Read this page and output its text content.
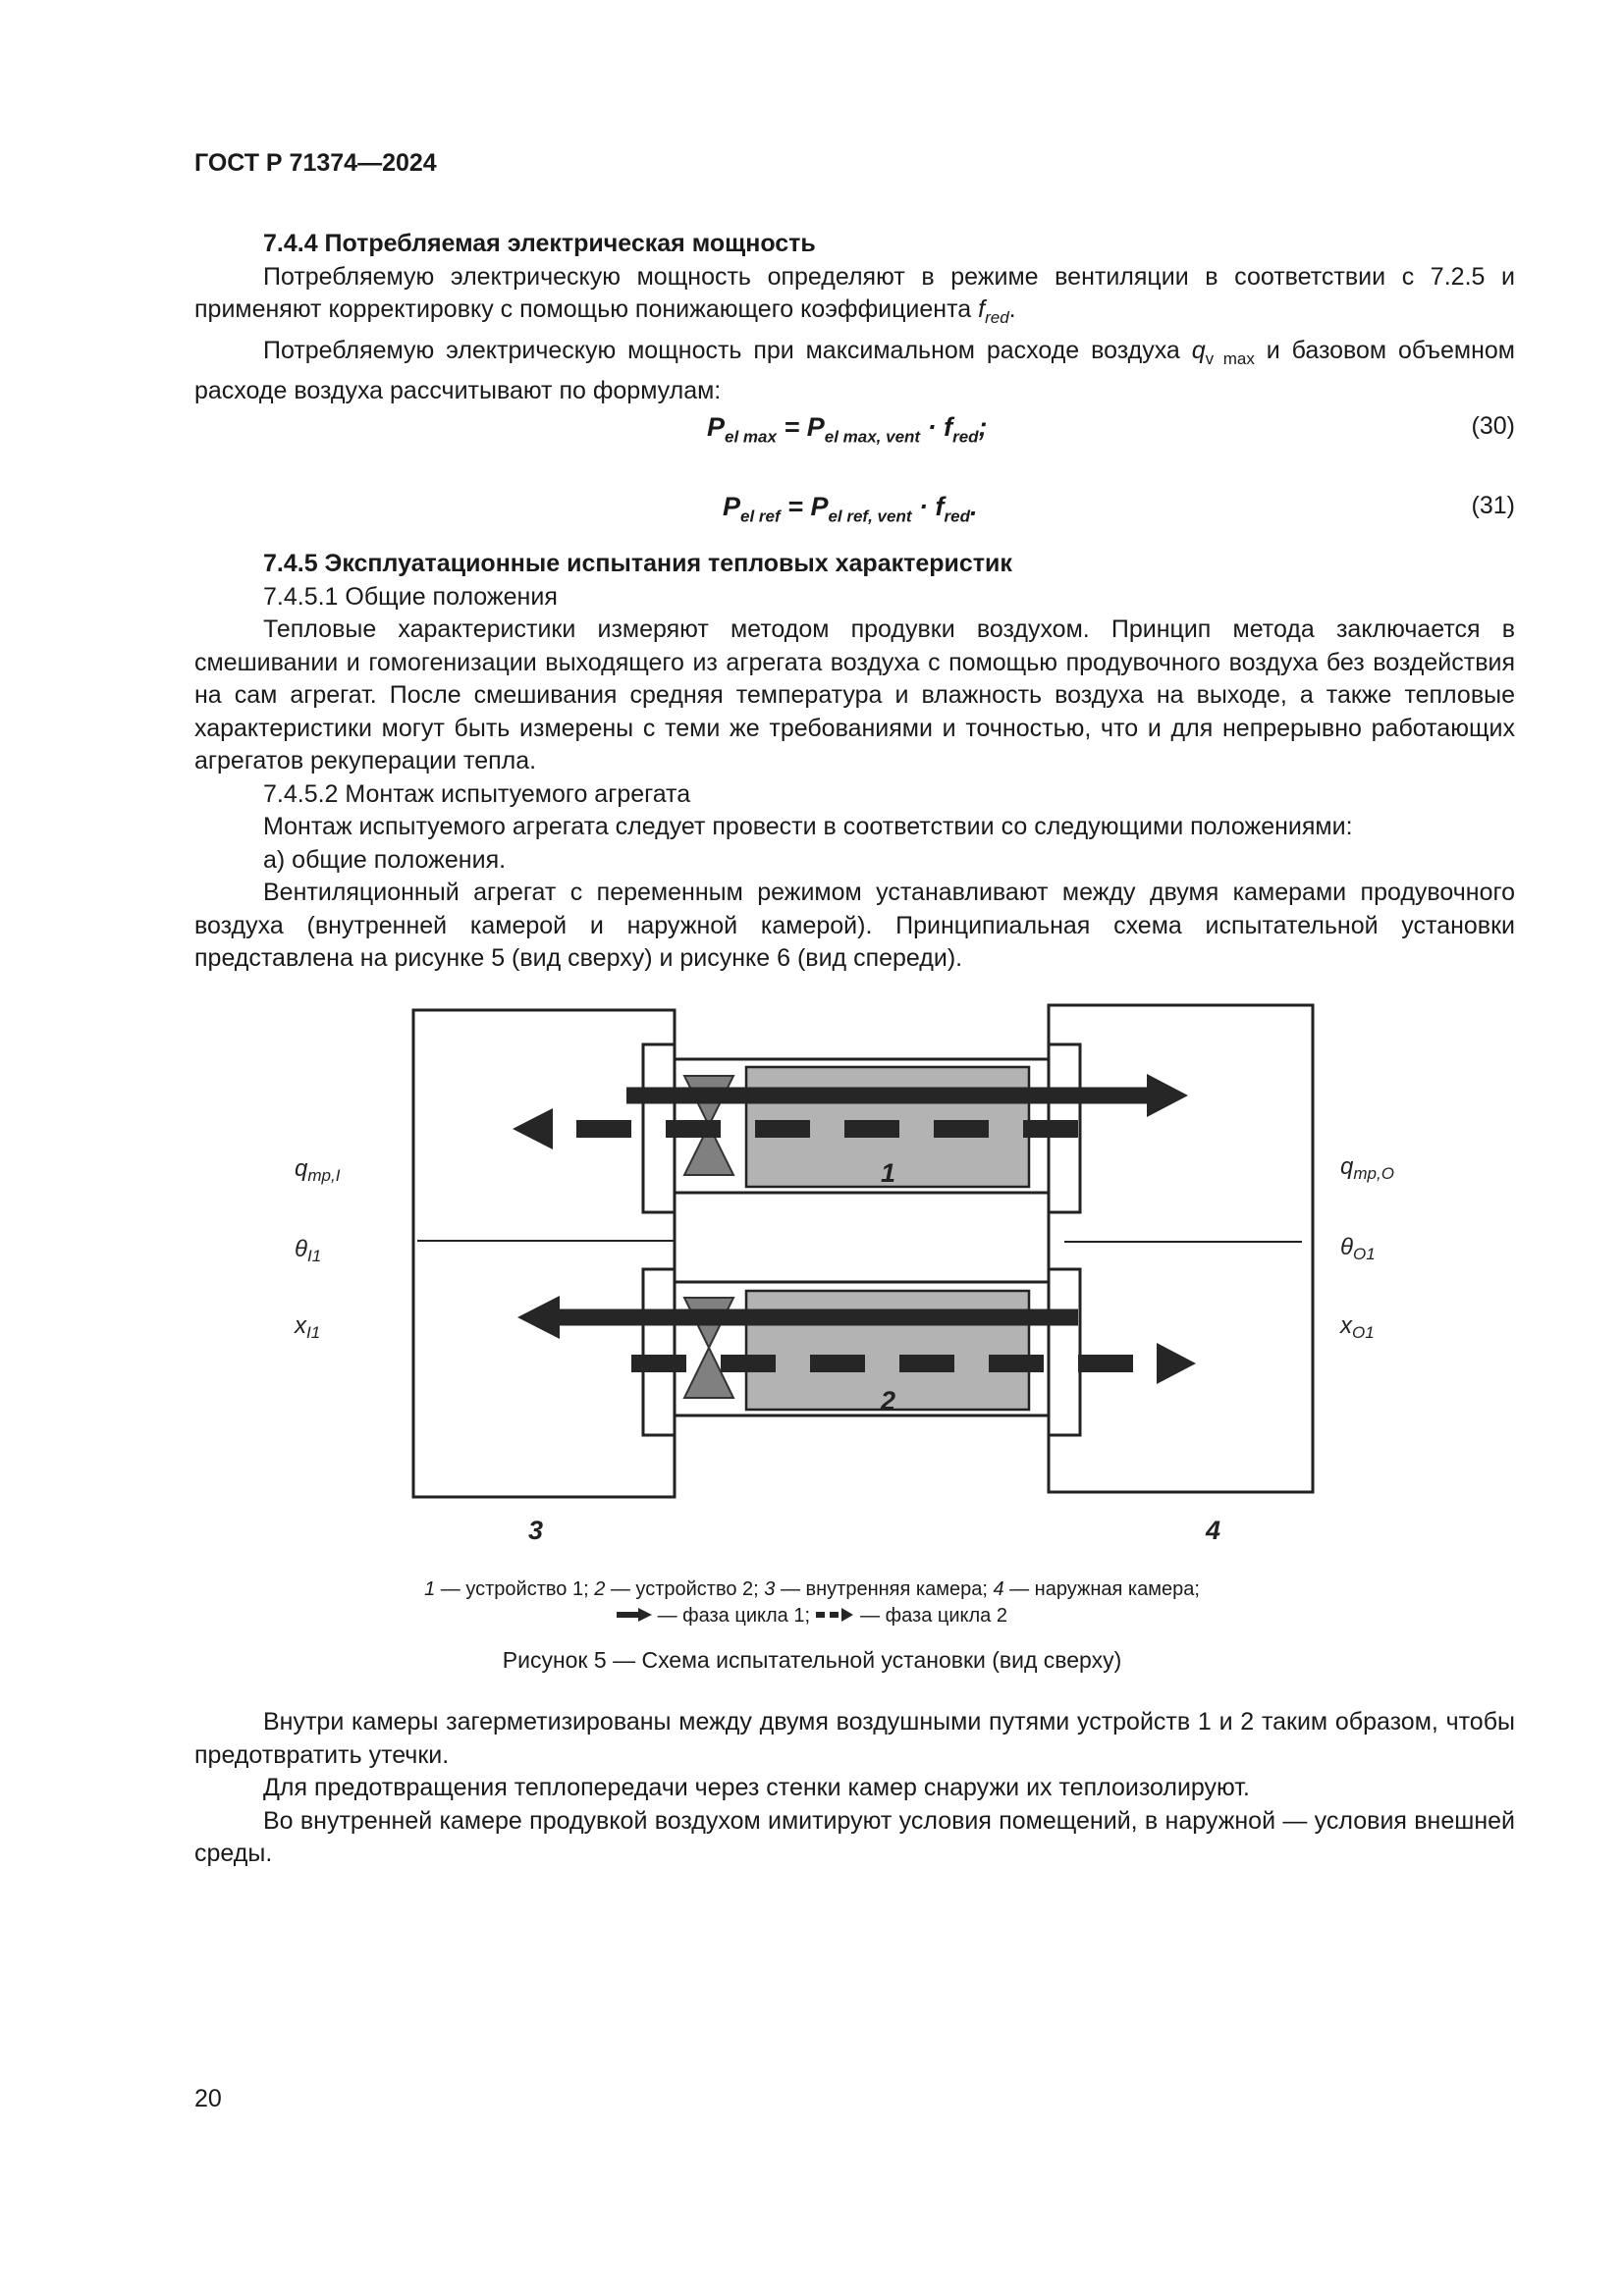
ГОСТ Р 71374—2024

7.4.4 Потребляемая электрическая мощность

Потребляемую электрическую мощность определяют в режиме вентиляции в соответствии с 7.2.5 и применяют корректировку с помощью понижающего коэффициента $f_{red}$.

Потребляемую электрическую мощность при максимальном расходе воздуха $q_{v max}$ и базовом объемном расходе воздуха рассчитывают по формулам:

$P_{el max} = P_{el max, vent} \cdot f_{red}$;	(30)
$P_{el ref} = P_{el ref, vent} \cdot f_{red}$.	(31)

7.4.5 Эксплуатационные испытания тепловых характеристик

7.4.5.1 Общие положения

Тепловые характеристики измеряют методом продувки воздухом. Принцип метода заключается в смешивании и гомогенизации выходящего из агрегата воздуха с помощью продувочного воздуха без воздействия на сам агрегат. После смешивания средняя температура и влажность воздуха на выходе, а также тепловые характеристики могут быть измерены с теми же требованиями и точностью, что и для непрерывно работающих агрегатов рекуперации тепла.

7.4.5.2 Монтаж испытуемого агрегата

Монтаж испытуемого агрегата следует провести в соответствии со следующими положениями:

а) общие положения.

Вентиляционный агрегат с переменным режимом устанавливают между двумя камерами продувочного воздуха (внутренней камерой и наружной камерой). Принципиальная схема испытательной установки представлена на рисунке 5 (вид сверху) и рисунке 6 (вид спереди).

1
2
3	4
$q_{mp,I}$
$\theta_{I1}$
$x_{I1}$
$q_{mp,O}$
$\theta_{O1}$
$x_{O1}$
1 — устройство 1; 2 — устройство 2; 3 — внутренняя камера; 4 — наружная камера;
— фаза цикла 1;  — фаза цикла 2
Рисунок 5 — Схема испытательной установки (вид сверху)

Внутри камеры загерметизированы между двумя воздушными путями устройств 1 и 2 таким образом, чтобы предотвратить утечки.

Для предотвращения теплопередачи через стенки камер снаружи их теплоизолируют.

Во внутренней камере продувкой воздухом имитируют условия помещений, в наружной — условия внешней среды.

20
